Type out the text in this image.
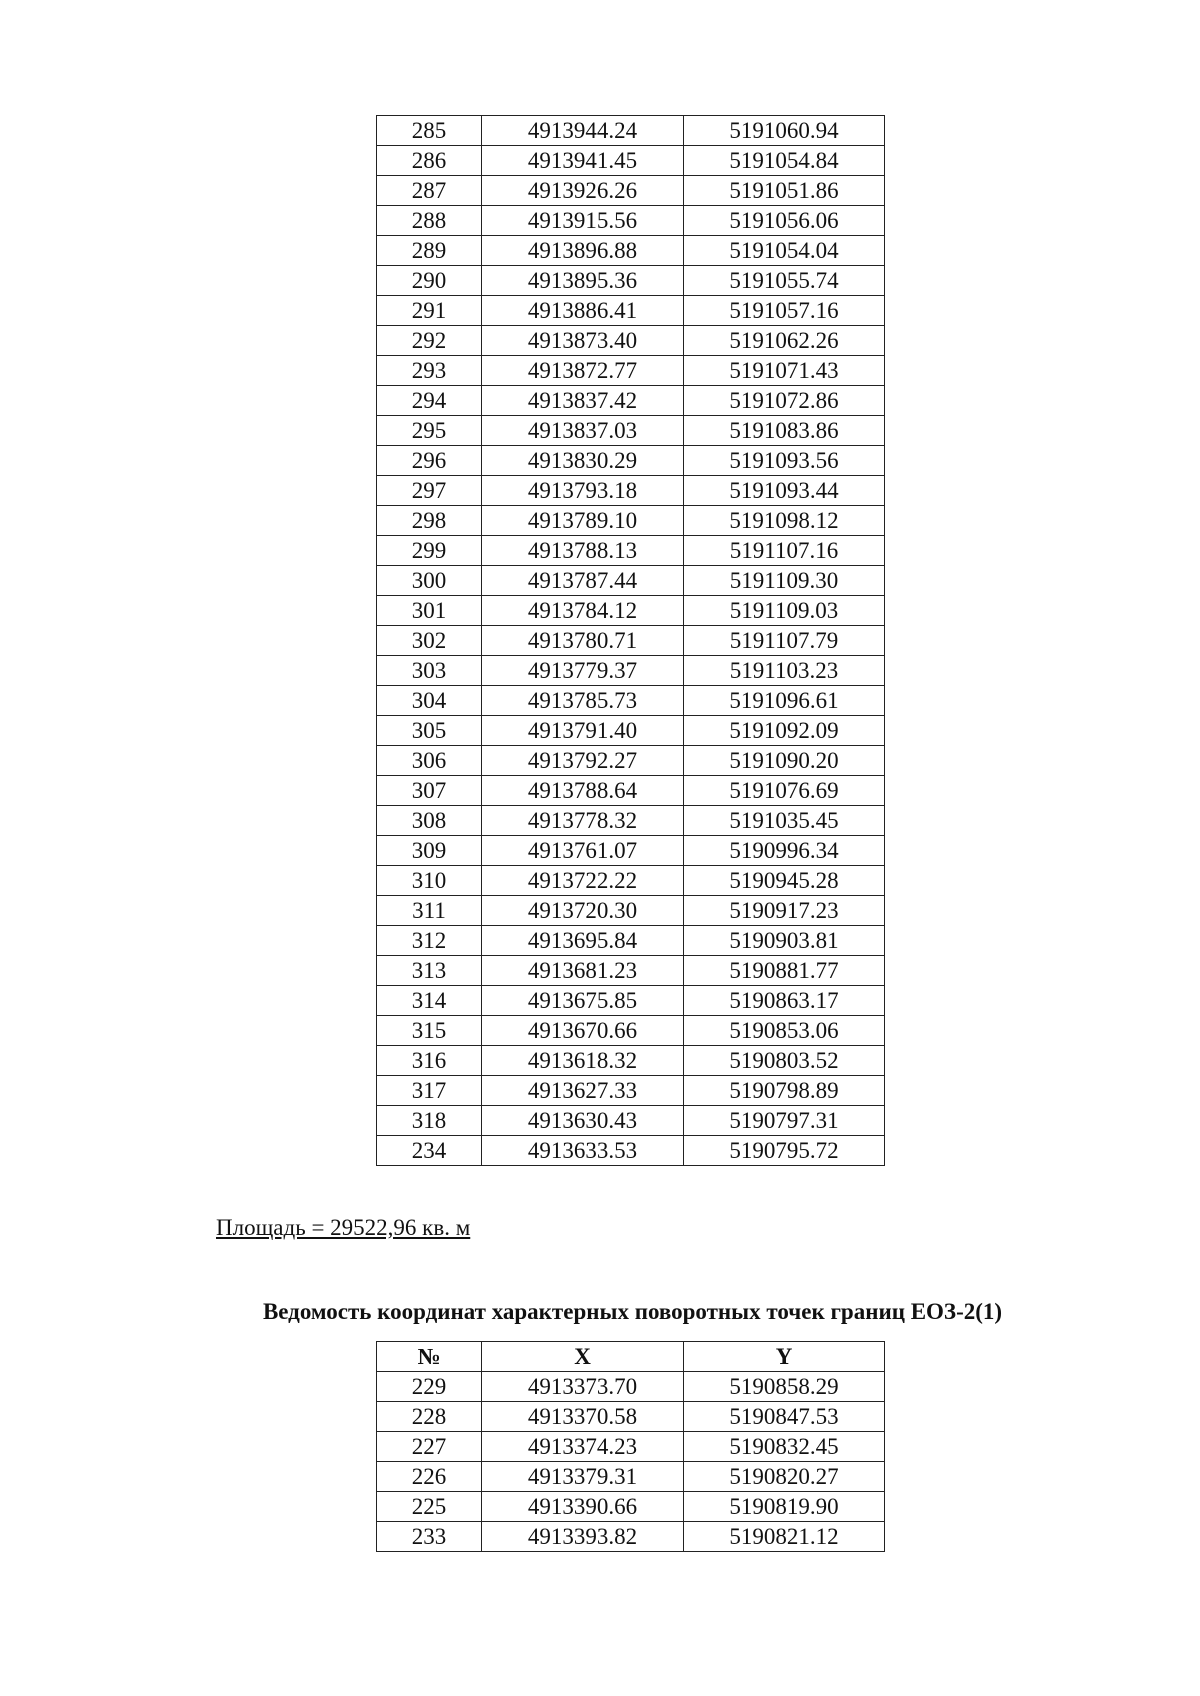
285	4913944.24	5191060.94
286	4913941.45	5191054.84
287	4913926.26	5191051.86
288	4913915.56	5191056.06
289	4913896.88	5191054.04
290	4913895.36	5191055.74
291	4913886.41	5191057.16
292	4913873.40	5191062.26
293	4913872.77	5191071.43
294	4913837.42	5191072.86
295	4913837.03	5191083.86
296	4913830.29	5191093.56
297	4913793.18	5191093.44
298	4913789.10	5191098.12
299	4913788.13	5191107.16
300	4913787.44	5191109.30
301	4913784.12	5191109.03
302	4913780.71	5191107.79
303	4913779.37	5191103.23
304	4913785.73	5191096.61
305	4913791.40	5191092.09
306	4913792.27	5191090.20
307	4913788.64	5191076.69
308	4913778.32	5191035.45
309	4913761.07	5190996.34
310	4913722.22	5190945.28
311	4913720.30	5190917.23
312	4913695.84	5190903.81
313	4913681.23	5190881.77
314	4913675.85	5190863.17
315	4913670.66	5190853.06
316	4913618.32	5190803.52
317	4913627.33	5190798.89
318	4913630.43	5190797.31
234	4913633.53	5190795.72
Площадь = 29522,96 кв. м
Ведомость координат характерных поворотных точек границ ЕОЗ-2(1)
№	X	Y
229	4913373.70	5190858.29
228	4913370.58	5190847.53
227	4913374.23	5190832.45
226	4913379.31	5190820.27
225	4913390.66	5190819.90
233	4913393.82	5190821.12
